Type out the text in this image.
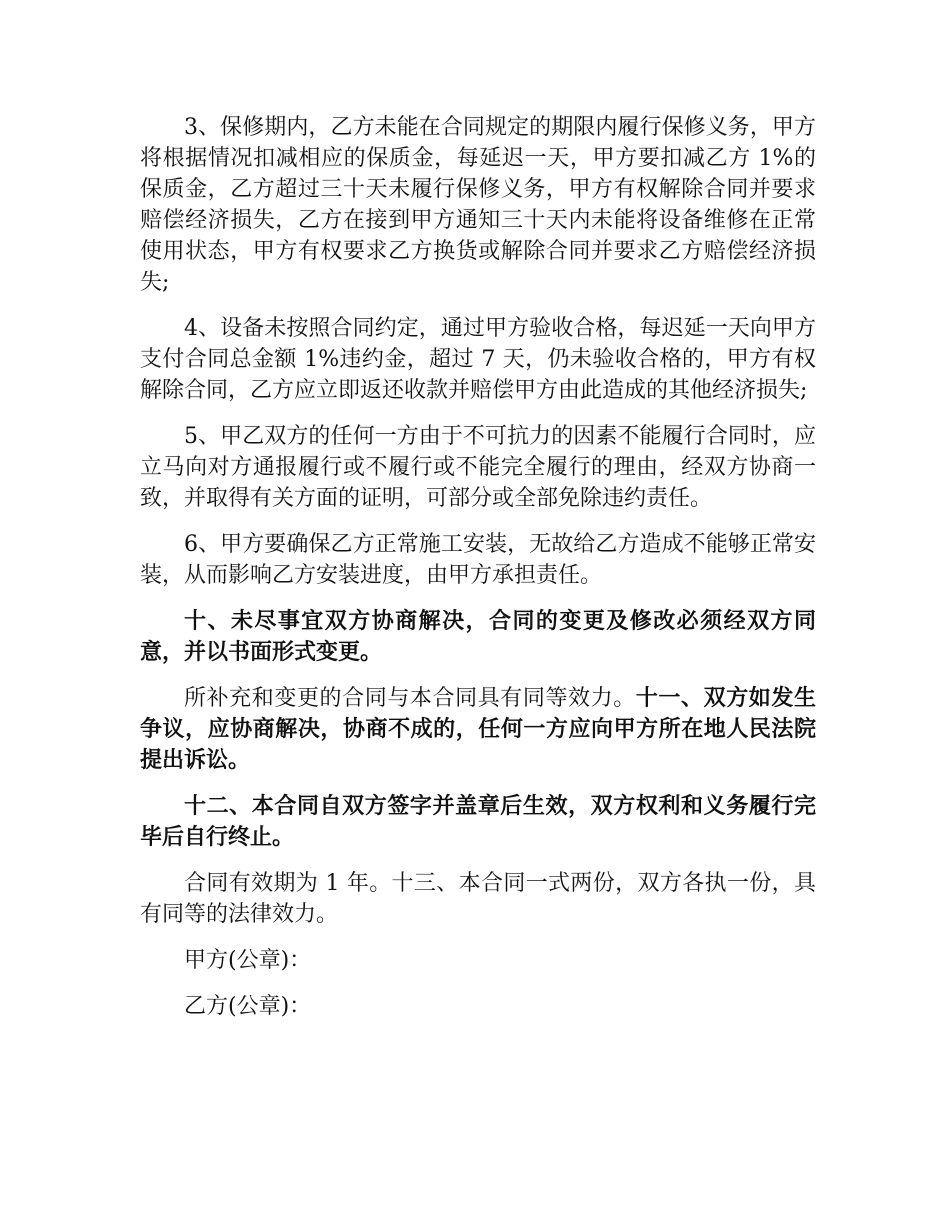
3、保修期内，乙方未能在合同规定的期限内履行保修义务，甲方将根据情况扣减相应的保质金，每延迟一天，甲方要扣减乙方 1%的保质金，乙方超过三十天未履行保修义务，甲方有权解除合同并要求赔偿经济损失，乙方在接到甲方通知三十天内未能将设备维修在正常使用状态，甲方有权要求乙方换货或解除合同并要求乙方赔偿经济损失;

4、设备未按照合同约定，通过甲方验收合格，每迟延一天向甲方支付合同总金额 1%违约金，超过 7 天，仍未验收合格的，甲方有权解除合同，乙方应立即返还收款并赔偿甲方由此造成的其他经济损失;

5、甲乙双方的任何一方由于不可抗力的因素不能履行合同时，应立马向对方通报履行或不履行或不能完全履行的理由，经双方协商一致，并取得有关方面的证明，可部分或全部免除违约责任。

6、甲方要确保乙方正常施工安装，无故给乙方造成不能够正常安装，从而影响乙方安装进度，由甲方承担责任。

十、未尽事宜双方协商解决，合同的变更及修改必须经双方同意，并以书面形式变更。

所补充和变更的合同与本合同具有同等效力。十一、双方如发生争议，应协商解决，协商不成的，任何一方应向甲方所在地人民法院提出诉讼。

十二、本合同自双方签字并盖章后生效，双方权利和义务履行完毕后自行终止。

合同有效期为 1 年。十三、本合同一式两份，双方各执一份，具有同等的法律效力。

甲方(公章)：

乙方(公章)：
